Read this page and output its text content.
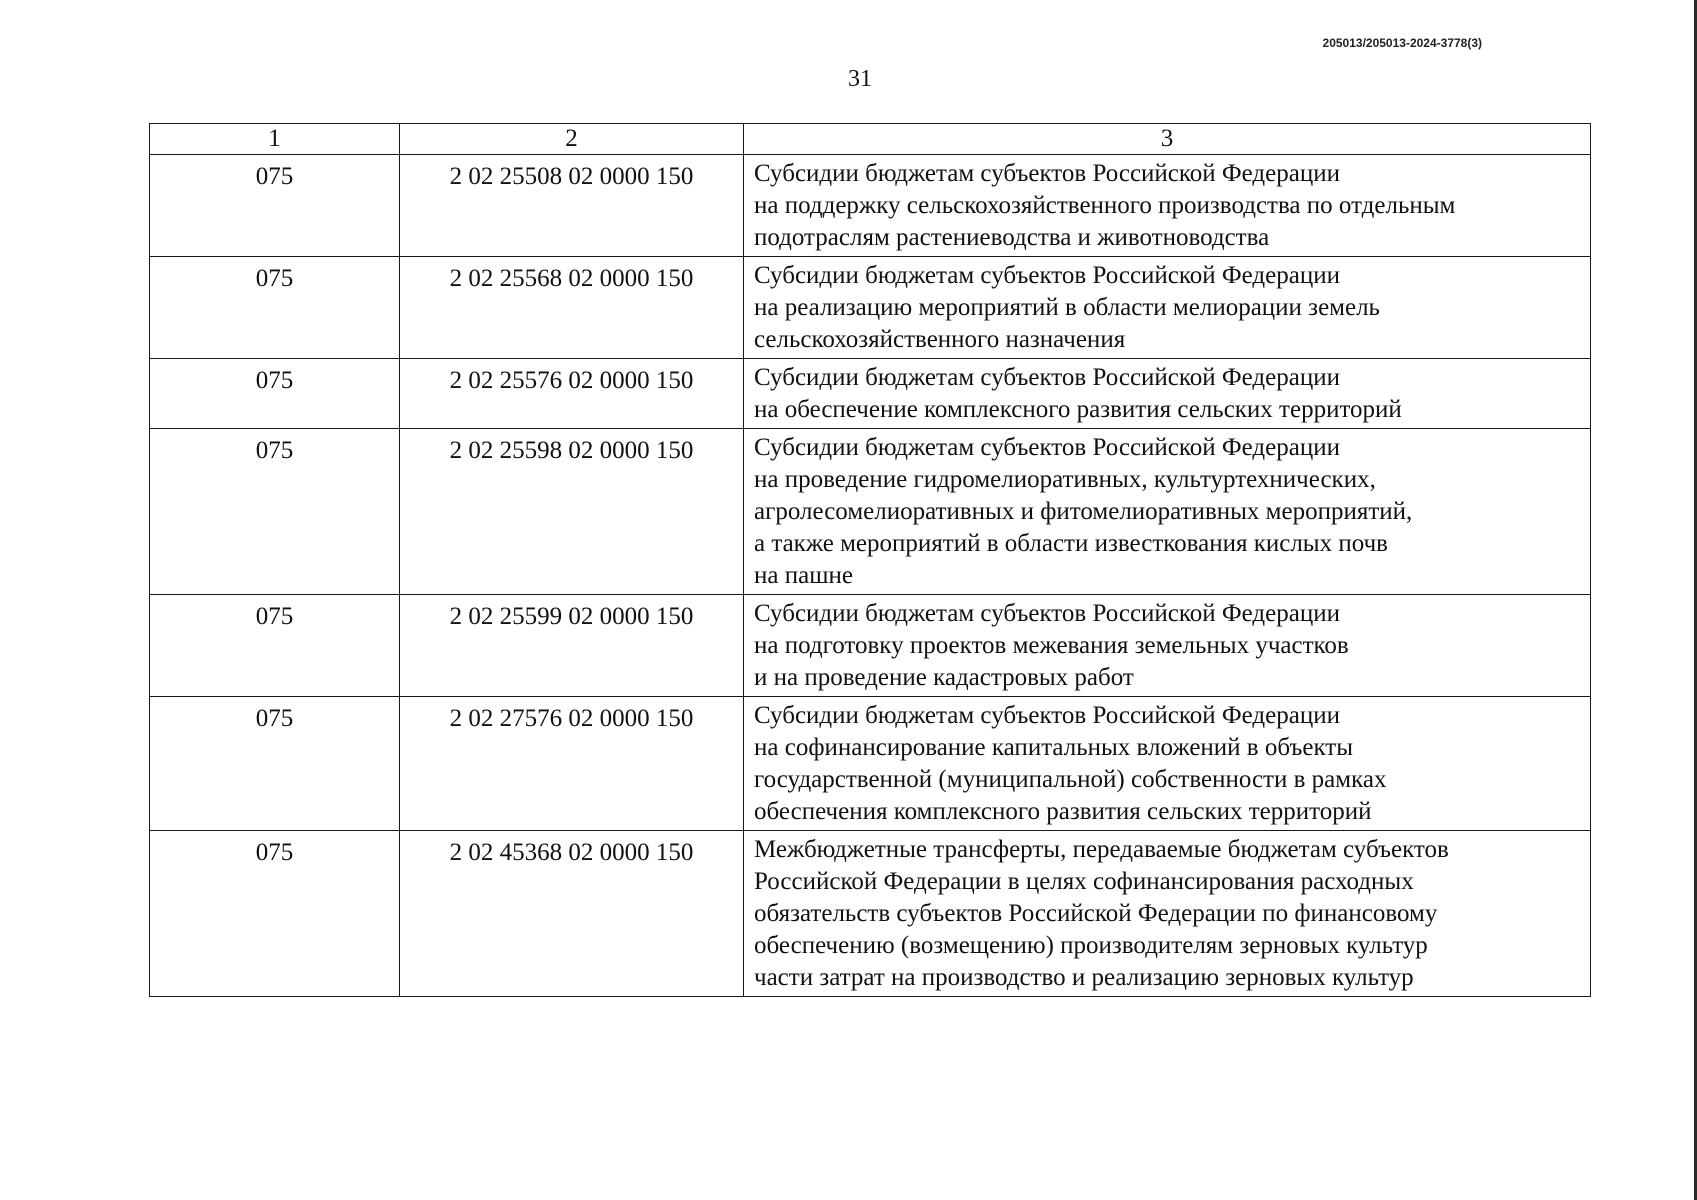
205013/205013-2024-3778(3)
31
1	2	3
075	2 02 25508 02 0000 150	Субсидии бюджетам субъектов Российской Федерации
на поддержку сельскохозяйственного производства по отдельным
подотраслям растениеводства и животноводства

075	2 02 25568 02 0000 150	Субсидии бюджетам субъектов Российской Федерации
на реализацию мероприятий в области мелиорации земель
сельскохозяйственного назначения

075	2 02 25576 02 0000 150	Субсидии бюджетам субъектов Российской Федерации
на обеспечение комплексного развития сельских территорий

075	2 02 25598 02 0000 150	Субсидии бюджетам субъектов Российской Федерации
на проведение гидромелиоративных, культуртехнических,
агролесомелиоративных и фитомелиоративных мероприятий,
а также мероприятий в области известкования кислых почв
на пашне

075	2 02 25599 02 0000 150	Субсидии бюджетам субъектов Российской Федерации
на подготовку проектов межевания земельных участков
и на проведение кадастровых работ

075	2 02 27576 02 0000 150	Субсидии бюджетам субъектов Российской Федерации
на софинансирование капитальных вложений в объекты
государственной (муниципальной) собственности в рамках
обеспечения комплексного развития сельских территорий

075	2 02 45368 02 0000 150	Межбюджетные трансферты, передаваемые бюджетам субъектов
Российской Федерации в целях софинансирования расходных
обязательств субъектов Российской Федерации по финансовому
обеспечению (возмещению) производителям зерновых культур
части затрат на производство и реализацию зерновых культур
